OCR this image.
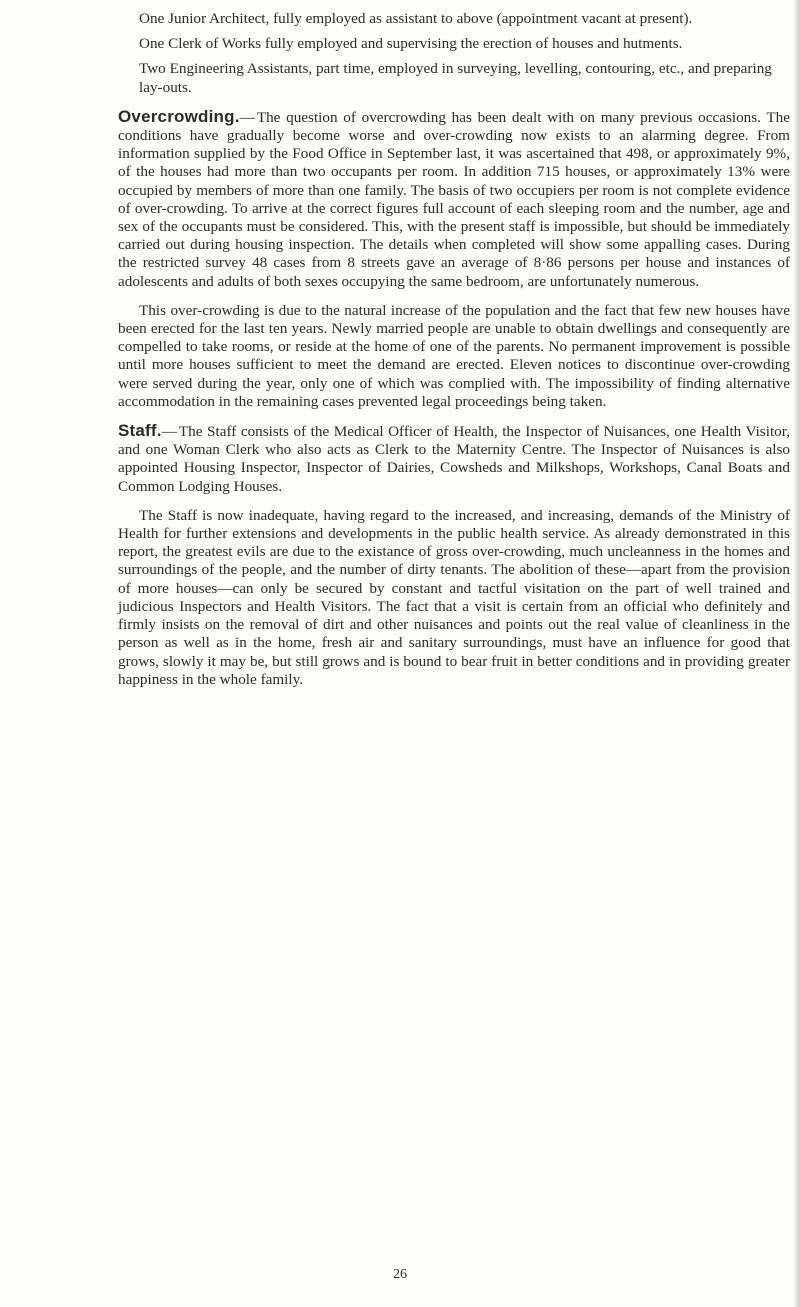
One Junior Architect, fully employed as assistant to above (appointment vacant at present).

One Clerk of Works fully employed and supervising the erection of houses and hutments.

Two Engineering Assistants, part time, employed in surveying, levelling, contouring, etc., and preparing lay-outs.

Overcrowding.— The question of overcrowding has been dealt with on many previous occasions. The conditions have gradually become worse and over-crowding now exists to an alarming degree. From information supplied by the Food Office in September last, it was ascertained that 498, or approximately 9%, of the houses had more than two occupants per room. In addition 715 houses, or approximately 13% were occupied by members of more than one family. The basis of two occupiers per room is not complete evidence of over-crowding. To arrive at the correct figures full account of each sleeping room and the number, age and sex of the occupants must be considered. This, with the present staff is impossible, but should be immediately carried out during housing inspection. The details when completed will show some appalling cases. During the restricted survey 48 cases from 8 streets gave an average of 8·86 persons per house and instances of adolescents and adults of both sexes occupying the same bedroom, are unfortunately numerous.

This over-crowding is due to the natural increase of the population and the fact that few new houses have been erected for the last ten years. Newly married people are unable to obtain dwellings and consequently are compelled to take rooms, or reside at the home of one of the parents. No permanent improvement is possible until more houses sufficient to meet the demand are erected. Eleven notices to discontinue over-crowding were served during the year, only one of which was complied with. The impossibility of finding alternative accommodation in the remaining cases prevented legal proceedings being taken.

Staff.— The Staff consists of the Medical Officer of Health, the Inspector of Nuisances, one Health Visitor, and one Woman Clerk who also acts as Clerk to the Maternity Centre. The Inspector of Nuisances is also appointed Housing Inspector, Inspector of Dairies, Cowsheds and Milkshops, Workshops, Canal Boats and Common Lodging Houses.

The Staff is now inadequate, having regard to the increased, and increasing, demands of the Ministry of Health for further extensions and developments in the public health service. As already demonstrated in this report, the greatest evils are due to the existance of gross over-crowding, much uncleanness in the homes and surroundings of the people, and the number of dirty tenants. The abolition of these—apart from the provision of more houses—can only be secured by constant and tactful visitation on the part of well trained and judicious Inspectors and Health Visitors. The fact that a visit is certain from an official who definitely and firmly insists on the removal of dirt and other nuisances and points out the real value of cleanliness in the person as well as in the home, fresh air and sanitary surroundings, must have an influence for good that grows, slowly it may be, but still grows and is bound to bear fruit in better conditions and in providing greater happiness in the whole family.

26
